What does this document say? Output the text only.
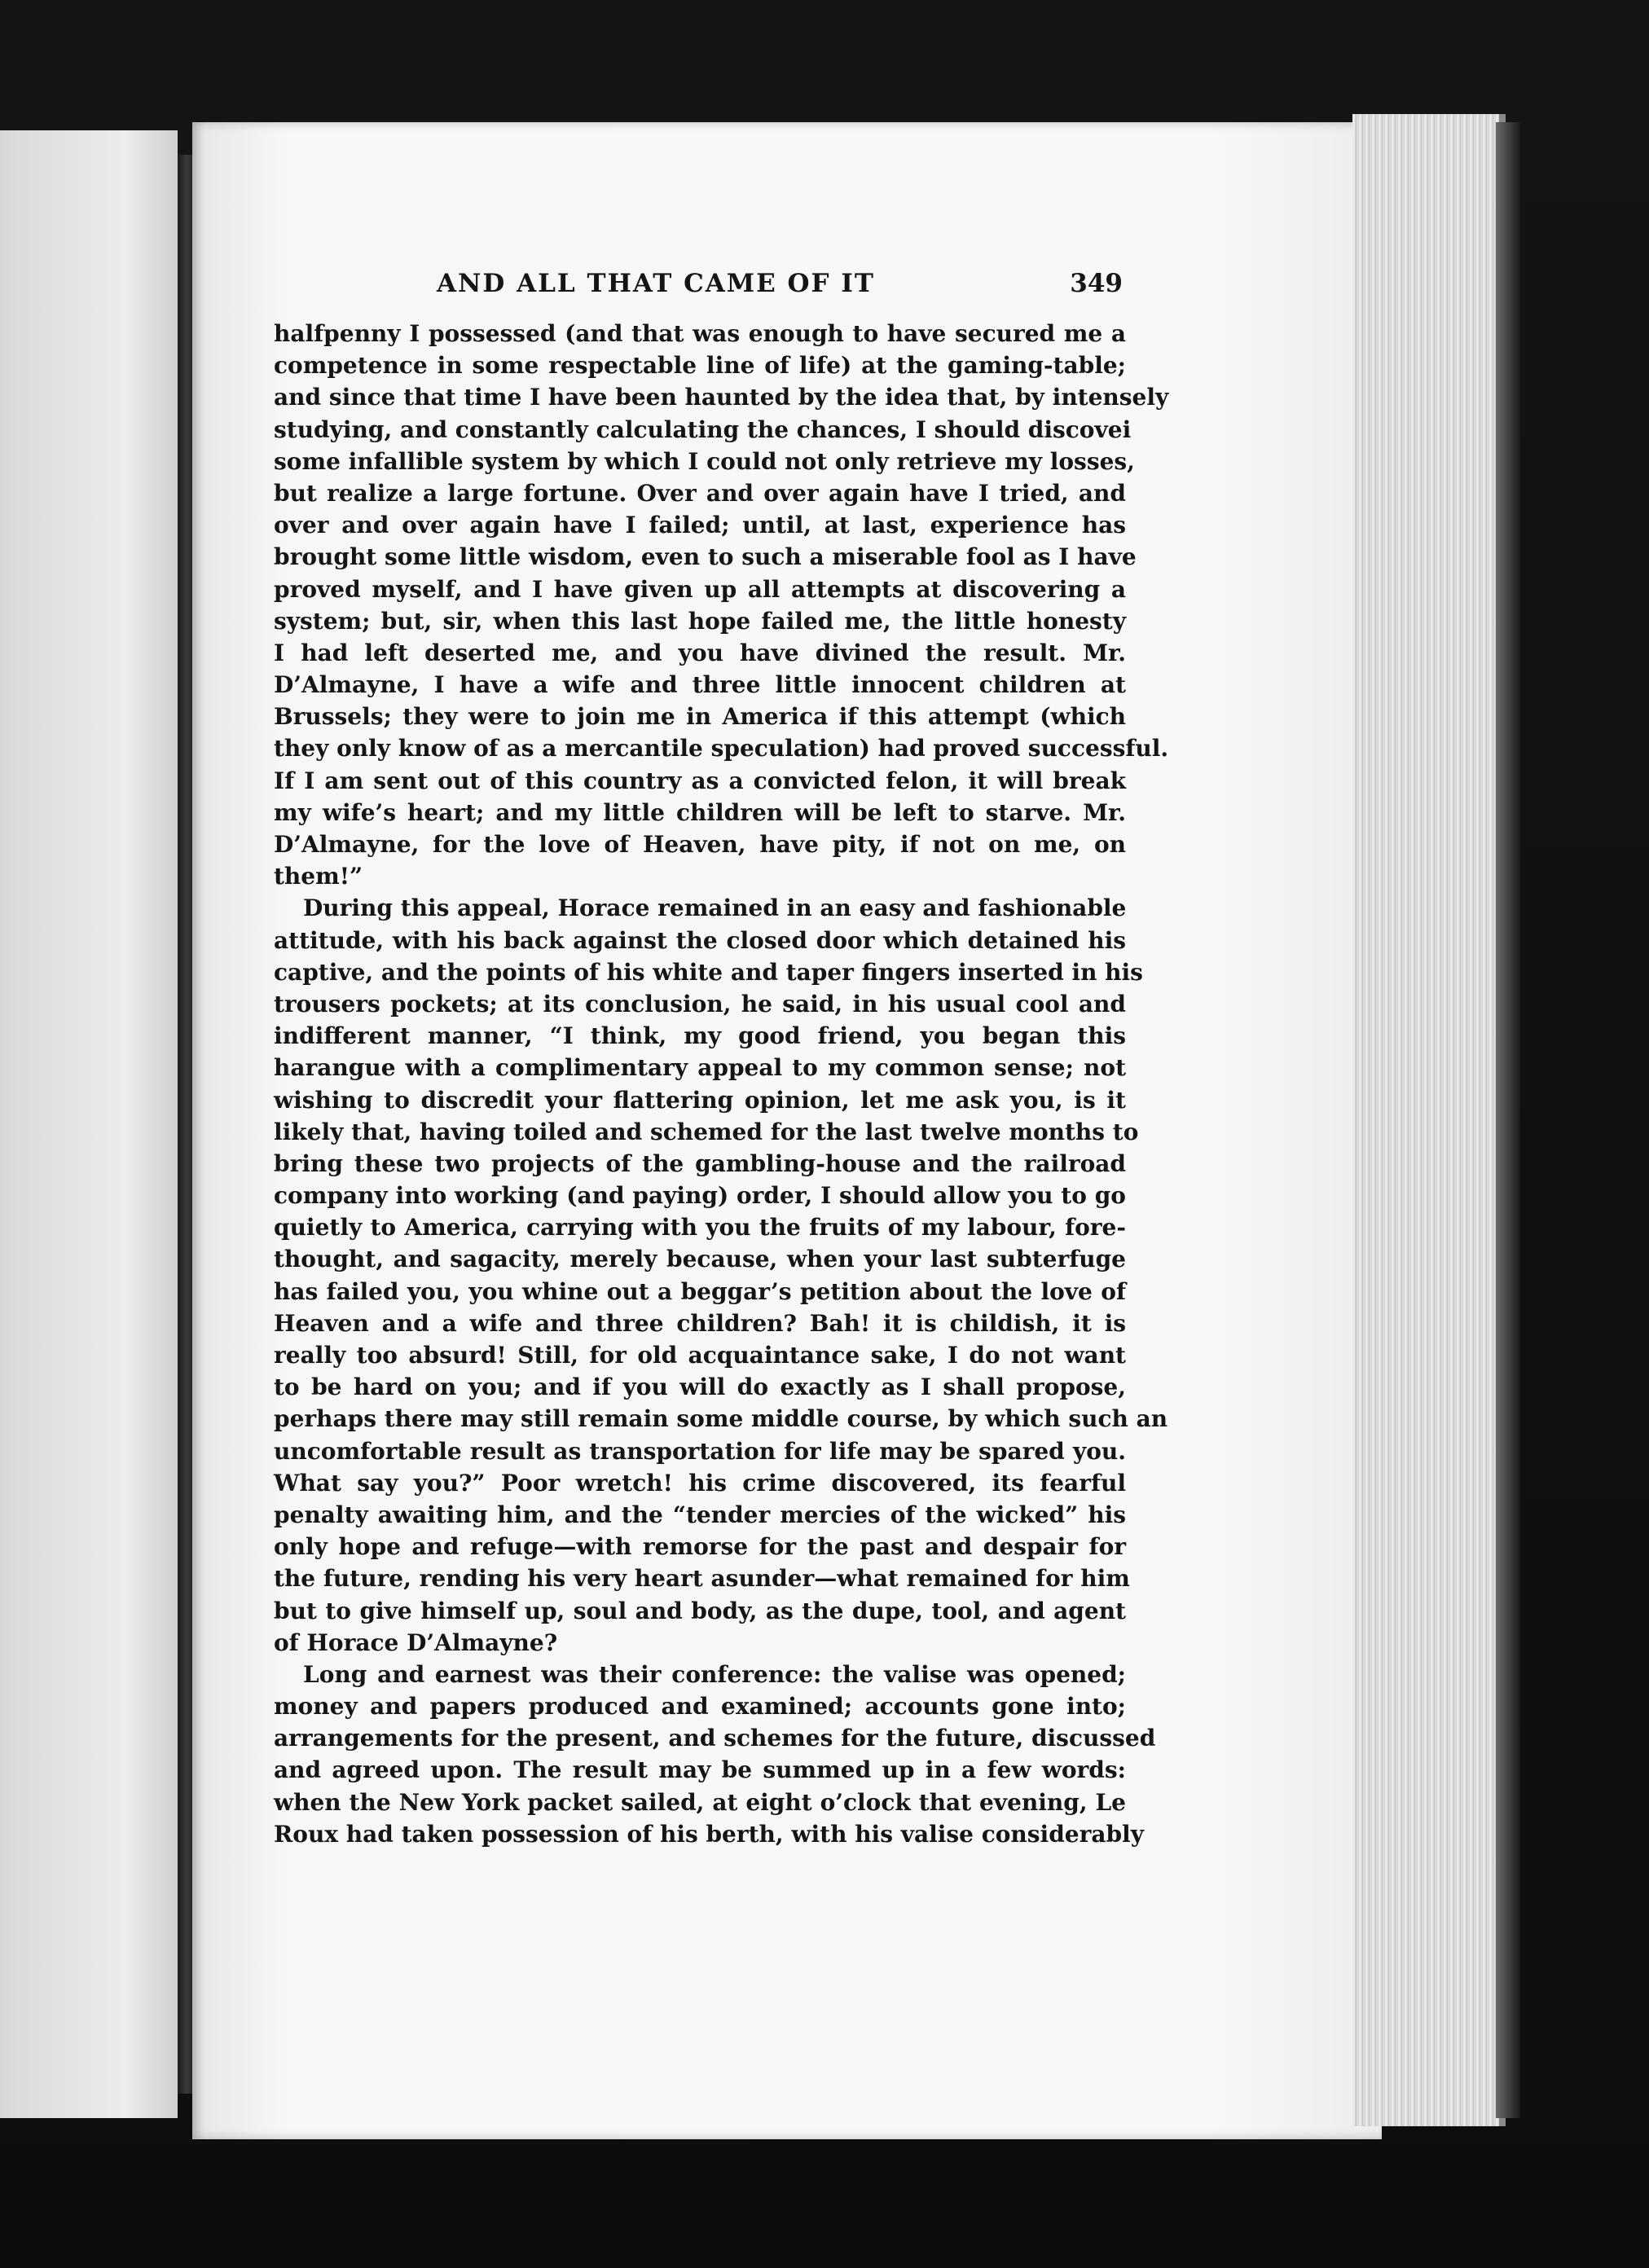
AND ALL THAT CAME OF IT	349
halfpenny I possessed (and that was enough to have secured me a
competence in some respectable line of life) at the gaming-table;
and since that time I have been haunted by the idea that, by intensely
studying, and constantly calculating the chances, I should discovei
some infallible system by which I could not only retrieve my losses,
but realize a large fortune. Over and over again have I tried, and
over and over again have I failed; until, at last, experience has
brought some little wisdom, even to such a miserable fool as I have
proved myself, and I have given up all attempts at discovering a
system; but, sir, when this last hope failed me, the little honesty
I had left deserted me, and you have divined the result. Mr.
D’Almayne, I have a wife and three little innocent children at
Brussels; they were to join me in America if this attempt (which
they only know of as a mercantile speculation) had proved successful.
If I am sent out of this country as a convicted felon, it will break
my wife’s heart; and my little children will be left to starve. Mr.
D’Almayne, for the love of Heaven, have pity, if not on me, on
them!”
During this appeal, Horace remained in an easy and fashionable
attitude, with his back against the closed door which detained his
captive, and the points of his white and taper fingers inserted in his
trousers pockets; at its conclusion, he said, in his usual cool and
indifferent manner, “I think, my good friend, you began this
harangue with a complimentary appeal to my common sense; not
wishing to discredit your flattering opinion, let me ask you, is it
likely that, having toiled and schemed for the last twelve months to
bring these two projects of the gambling-house and the railroad
company into working (and paying) order, I should allow you to go
quietly to America, carrying with you the fruits of my labour, fore-
thought, and sagacity, merely because, when your last subterfuge
has failed you, you whine out a beggar’s petition about the love of
Heaven and a wife and three children? Bah! it is childish, it is
really too absurd! Still, for old acquaintance sake, I do not want
to be hard on you; and if you will do exactly as I shall propose,
perhaps there may still remain some middle course, by which such an
uncomfortable result as transportation for life may be spared you.
What say you?” Poor wretch! his crime discovered, its fearful
penalty awaiting him, and the “tender mercies of the wicked” his
only hope and refuge—with remorse for the past and despair for
the future, rending his very heart asunder—what remained for him
but to give himself up, soul and body, as the dupe, tool, and agent
of Horace D’Almayne?
Long and earnest was their conference: the valise was opened;
money and papers produced and examined; accounts gone into;
arrangements for the present, and schemes for the future, discussed
and agreed upon. The result may be summed up in a few words:
when the New York packet sailed, at eight o’clock that evening, Le
Roux had taken possession of his berth, with his valise considerably
